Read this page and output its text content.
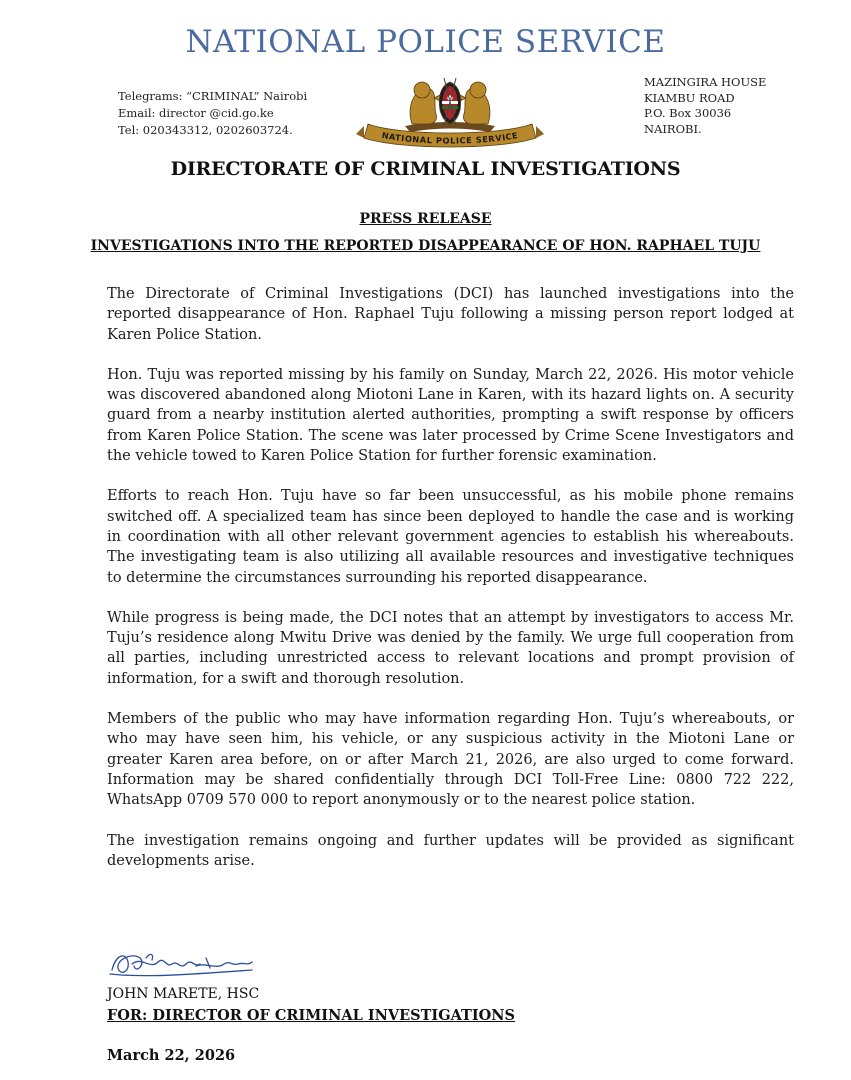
NATIONAL POLICE SERVICE
Telegrams: “CRIMINAL” Nairobi
Email: director @cid.go.ke
Tel: 020343312, 0202603724.	NATIONAL POLICE SERVICE
MAZINGIRA HOUSE
KIAMBU ROAD
P.O. Box 30036
NAIROBI.
DIRECTORATE OF CRIMINAL INVESTIGATIONS
PRESS RELEASE
INVESTIGATIONS INTO THE REPORTED DISAPPEARANCE OF HON. RAPHAEL TUJU

The Directorate of Criminal Investigations (DCI) has launched investigations into the reported disappearance of Hon. Raphael Tuju following a missing person report lodged at Karen Police Station.

Hon. Tuju was reported missing by his family on Sunday, March 22, 2026. His motor vehicle was discovered abandoned along Miotoni Lane in Karen, with its hazard lights on. A security guard from a nearby institution alerted authorities, prompting a swift response by officers from Karen Police Station. The scene was later processed by Crime Scene Investigators and the vehicle towed to Karen Police Station for further forensic examination.

Efforts to reach Hon. Tuju have so far been unsuccessful, as his mobile phone remains switched off. A specialized team has since been deployed to handle the case and is working in coordination with all other relevant government agencies to establish his whereabouts. The investigating team is also utilizing all available resources and investigative techniques to determine the circumstances surrounding his reported disappearance.

While progress is being made, the DCI notes that an attempt by investigators to access Mr. Tuju’s residence along Mwitu Drive was denied by the family. We urge full cooperation from all parties, including unrestricted access to relevant locations and prompt provision of information, for a swift and thorough resolution.

Members of the public who may have information regarding Hon. Tuju’s whereabouts, or who may have seen him, his vehicle, or any suspicious activity in the Miotoni Lane or greater Karen area before, on or after March 21, 2026, are also urged to come forward. Information may be shared confidentially through DCI Toll-Free Line: 0800 722 222, WhatsApp 0709 570 000 to report anonymously or to the nearest police station.

The investigation remains ongoing and further updates will be provided as significant developments arise.

JOHN MARETE, HSC
FOR: DIRECTOR OF CRIMINAL INVESTIGATIONS
March 22, 2026
